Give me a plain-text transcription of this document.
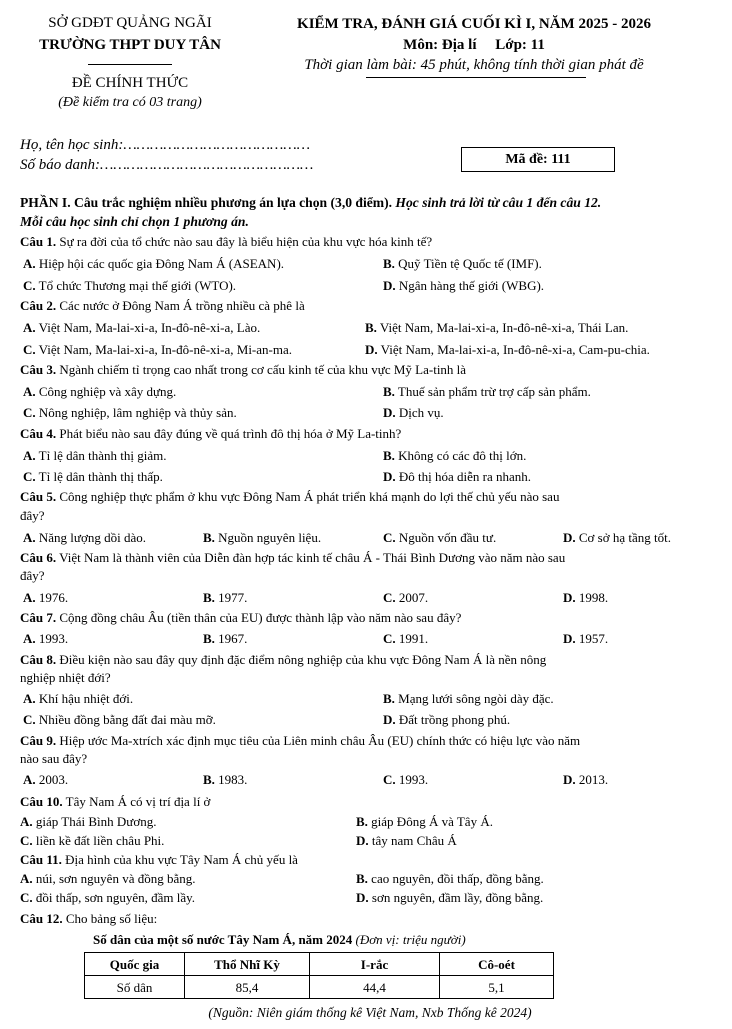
SỞ GDĐT QUẢNG NGÃI
TRƯỜNG THPT DUY TÂN
ĐỀ CHÍNH THỨC
(Đề kiểm tra có 03 trang)
KIỂM TRA, ĐÁNH GIÁ CUỐI KÌ I, NĂM 2025 - 2026
Môn: Địa lí     Lớp: 11
Thời gian làm bài: 45 phút, không tính thời gian phát đề
Họ, tên học sinh:……………………………………
Số báo danh:…………………………………………	Mã đề: 111
PHẦN I. Câu trắc nghiệm nhiều phương án lựa chọn (3,0 điểm). Học sinh trả lời từ câu 1 đến câu 12.
Mỗi câu học sinh chỉ chọn 1 phương án.
Câu 1. Sự ra đời của tổ chức nào sau đây là biểu hiện của khu vực hóa kinh tế?
A. Hiệp hội các quốc gia Đông Nam Á (ASEAN).	B. Quỹ Tiền tệ Quốc tế (IMF).
C. Tổ chức Thương mại thế giới (WTO).	D. Ngân hàng thế giới (WBG).
Câu 2. Các nước ở Đông Nam Á trồng nhiều cà phê là
A. Việt Nam, Ma-lai-xi-a, In-đô-nê-xi-a, Lào.	B. Việt Nam, Ma-lai-xi-a, In-đô-nê-xi-a, Thái Lan.
C. Việt Nam, Ma-lai-xi-a, In-đô-nê-xi-a, Mi-an-ma.	D. Việt Nam, Ma-lai-xi-a, In-đô-nê-xi-a, Cam-pu-chia.
Câu 3. Ngành chiếm tỉ trọng cao nhất trong cơ cấu kinh tế của khu vực Mỹ La-tinh là
A. Công nghiệp và xây dựng.	B. Thuế sản phẩm trừ trợ cấp sản phẩm.
C. Nông nghiệp, lâm nghiệp và thủy sản.	D. Dịch vụ.
Câu 4. Phát biểu nào sau đây đúng về quá trình đô thị hóa ở Mỹ La-tinh?
A. Tỉ lệ dân thành thị giảm.	B. Không có các đô thị lớn.
C. Tỉ lệ dân thành thị thấp.	D. Đô thị hóa diễn ra nhanh.
Câu 5. Công nghiệp thực phẩm ở khu vực Đông Nam Á phát triển khá mạnh do lợi thế chủ yếu nào sau
đây?
A. Năng lượng dồi dào.	B. Nguồn nguyên liệu.	C. Nguồn vốn đầu tư.	D. Cơ sở hạ tầng tốt.
Câu 6. Việt Nam là thành viên của Diễn đàn hợp tác kinh tế châu Á - Thái Bình Dương vào năm nào sau
đây?
A. 1976.	B. 1977.	C. 2007.	D. 1998.
Câu 7. Cộng đồng châu Âu (tiền thân của EU) được thành lập vào năm nào sau đây?
A. 1993.	B. 1967.	C. 1991.	D. 1957.
Câu 8. Điều kiện nào sau đây quy định đặc điểm nông nghiệp của khu vực Đông Nam Á là nền nông
nghiệp nhiệt đới?
A. Khí hậu nhiệt đới.	B. Mạng lưới sông ngòi dày đặc.
C. Nhiều đồng bằng đất đai màu mỡ.	D. Đất trồng phong phú.
Câu 9. Hiệp ước Ma-xtrích xác định mục tiêu của Liên minh châu Âu (EU) chính thức có hiệu lực vào năm
nào sau đây?
A. 2003.	B. 1983.	C. 1993.	D. 2013.
Câu 10. Tây Nam Á có vị trí địa lí ở
A. giáp Thái Bình Dương.	B. giáp Đông Á và Tây Á.
C. liền kề đất liền châu Phi.	D. tây nam Châu Á
Câu 11. Địa hình của khu vực Tây Nam Á chủ yếu là
A. núi, sơn nguyên và đồng bằng.	B. cao nguyên, đồi thấp, đồng bằng.
C. đồi thấp, sơn nguyên, đầm lầy.	D. sơn nguyên, đầm lầy, đồng bằng.
Câu 12. Cho bảng số liệu:
Số dân của một số nước Tây Nam Á, năm 2024 (Đơn vị: triệu người)
Quốc gia	Thổ Nhĩ Kỳ	I-rắc	Cô-oét
Số dân	85,4	44,4	5,1
(Nguồn: Niên giám thống kê Việt Nam, Nxb Thống kê 2024)
